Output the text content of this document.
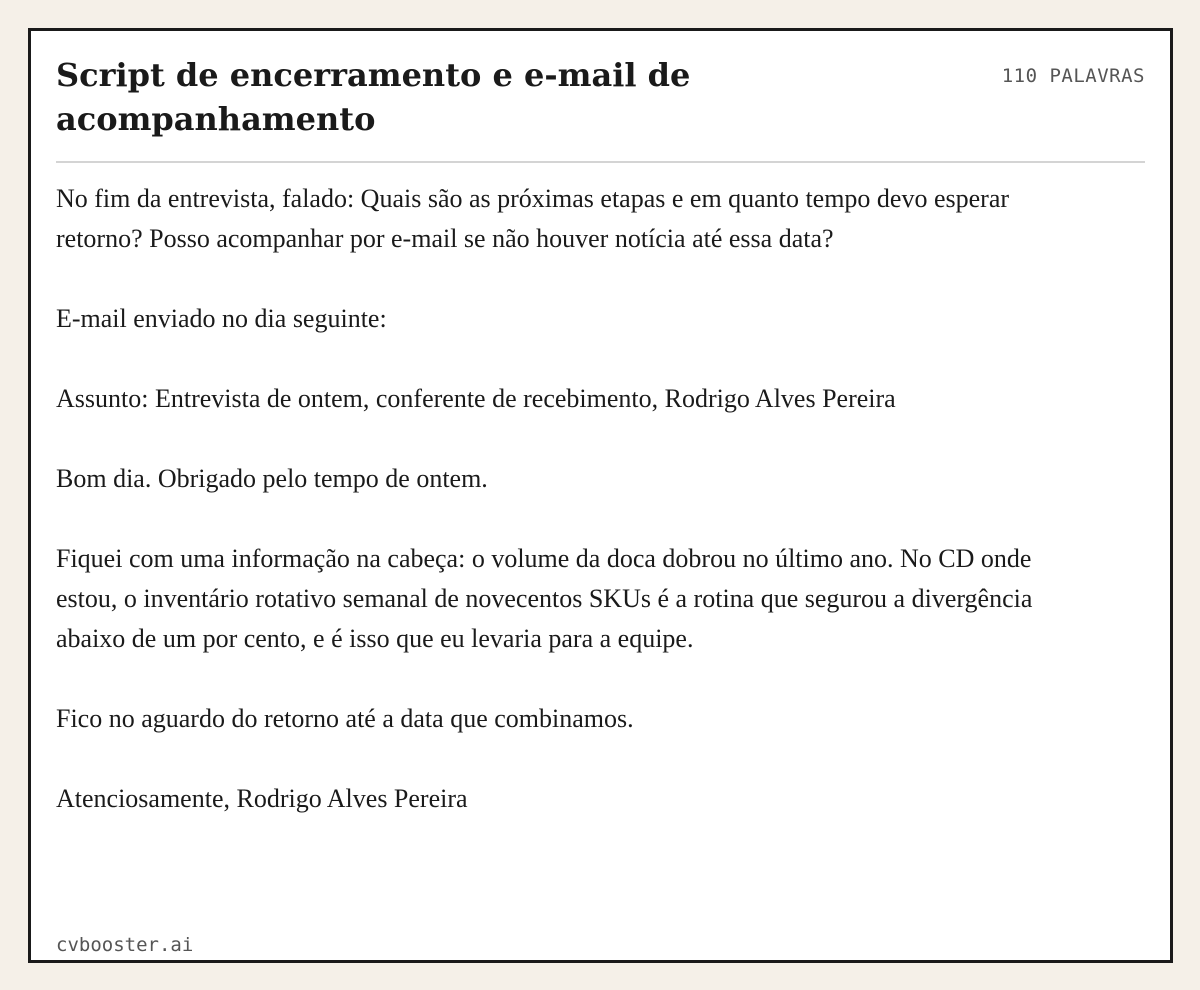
Script de encerramento e e-mail de acompanhamento
110 PALAVRAS

No fim da entrevista, falado: Quais são as próximas etapas e em quanto tempo devo esperar retorno? Posso acompanhar por e-mail se não houver notícia até essa data?

E-mail enviado no dia seguinte:

Assunto: Entrevista de ontem, conferente de recebimento, Rodrigo Alves Pereira

Bom dia. Obrigado pelo tempo de ontem.

Fiquei com uma informação na cabeça: o volume da doca dobrou no último ano. No CD onde estou, o inventário rotativo semanal de novecentos SKUs é a rotina que segurou a divergência abaixo de um por cento, e é isso que eu levaria para a equipe.

Fico no aguardo do retorno até a data que combinamos.

Atenciosamente, Rodrigo Alves Pereira

cvbooster.ai
